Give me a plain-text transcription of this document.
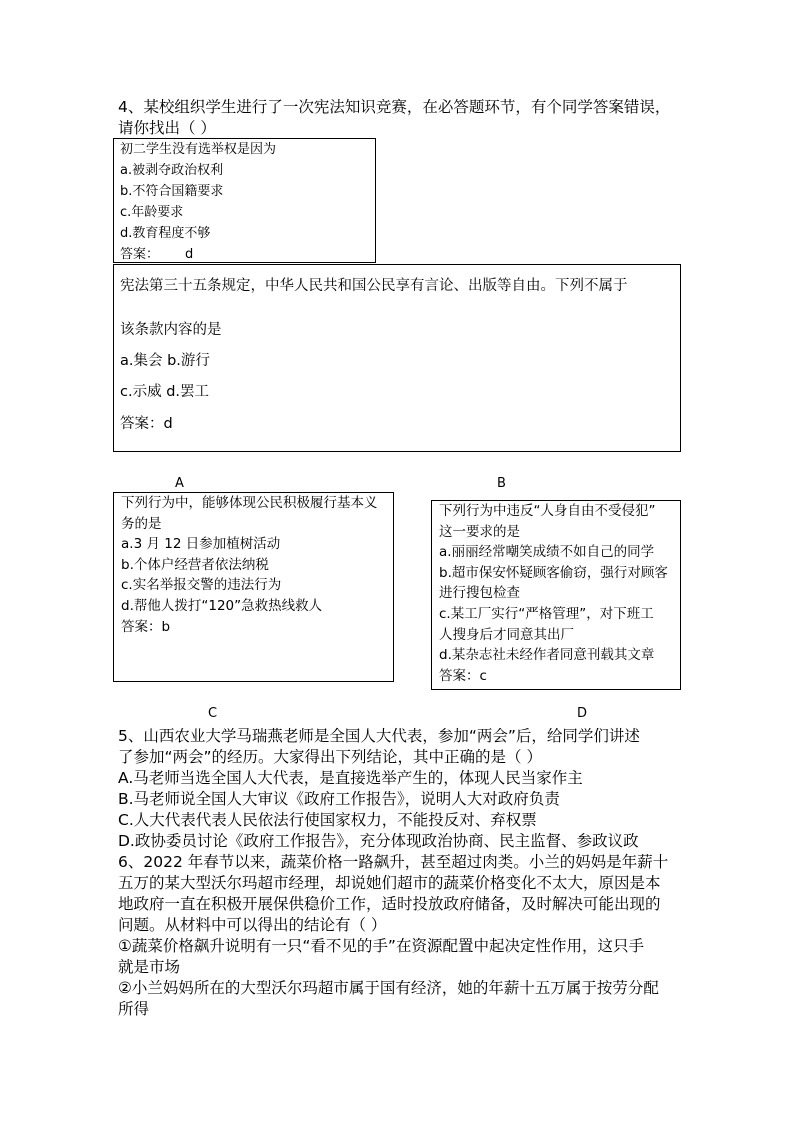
4、某校组织学生进行了一次宪法知识竞赛，在必答题环节，有个同学答案错误，
请你找出（ ）
初二学生没有选举权是因为
a.被剥夺政治权利
b.不符合国籍要求
c.年龄要求
d.教育程度不够
答案： d
宪法第三十五条规定，中华人民共和国公民享有言论、出版等自由。下列不属于
该条款内容的是
a.集会 b.游行
c.示威 d.罢工
答案：d
A	B
下列行为中，能够体现公民积极履行基本义
务的是
a.3 月 12 日参加植树活动
b.个体户经营者依法纳税
c.实名举报交警的违法行为
d.帮他人拨打“120”急救热线救人
答案：b
下列行为中违反“人身自由不受侵犯”
这一要求的是
a.丽丽经常嘲笑成绩不如自己的同学
b.超市保安怀疑顾客偷窃，强行对顾客
进行搜包检查
c.某工厂实行“严格管理”，对下班工
人搜身后才同意其出厂
d.某杂志社未经作者同意刊载其文章
答案：c
C	D
5、山西农业大学马瑞燕老师是全国人大代表，参加“两会”后，给同学们讲述
了参加“两会”的经历。大家得出下列结论，其中正确的是（ ）
A.马老师当选全国人大代表，是直接选举产生的，体现人民当家作主
B.马老师说全国人大审议《政府工作报告》，说明人大对政府负责
C.人大代表代表人民依法行使国家权力，不能投反对、弃权票
D.政协委员讨论《政府工作报告》，充分体现政治协商、民主监督、参政议政
6、2022 年春节以来，蔬菜价格一路飙升，甚至超过肉类。小兰的妈妈是年薪十
五万的某大型沃尔玛超市经理，却说她们超市的蔬菜价格变化不太大，原因是本
地政府一直在积极开展保供稳价工作，适时投放政府储备，及时解决可能出现的
问题。从材料中可以得出的结论有（ ）
①蔬菜价格飙升说明有一只“看不见的手”在资源配置中起决定性作用，这只手
就是市场
②小兰妈妈所在的大型沃尔玛超市属于国有经济，她的年薪十五万属于按劳分配
所得
